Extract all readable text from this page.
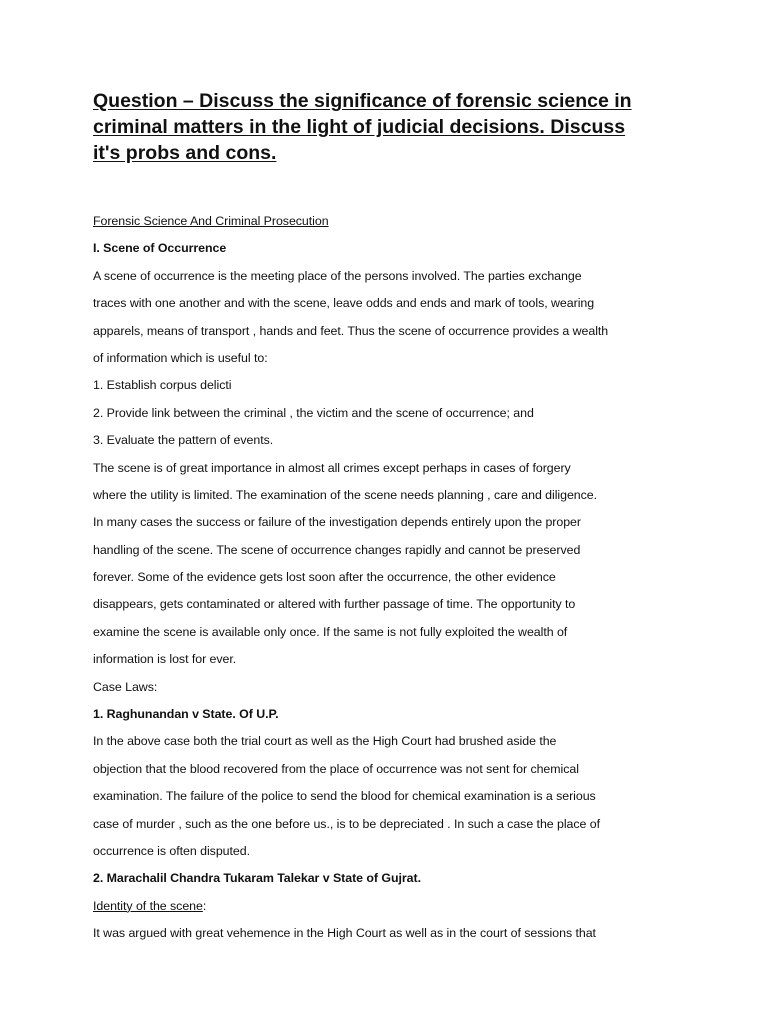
Question – Discuss the significance of forensic science in
criminal matters in the light of judicial decisions. Discuss
it's probs and cons.
Forensic Science And Criminal Prosecution
I. Scene of Occurrence
A scene of occurrence is the meeting place of the persons involved. The parties exchange
traces with one another and with the scene, leave odds and ends and mark of tools, wearing
apparels, means of transport , hands and feet. Thus the scene of occurrence provides a wealth
of information which is useful to:
1. Establish corpus delicti
2. Provide link between the criminal , the victim and the scene of occurrence; and
3. Evaluate the pattern of events.
The scene is of great importance in almost all crimes except perhaps in cases of forgery
where the utility is limited. The examination of the scene needs planning , care and diligence.
In many cases the success or failure of the investigation depends entirely upon the proper
handling of the scene. The scene of occurrence changes rapidly and cannot be preserved
forever. Some of the evidence gets lost soon after the occurrence, the other evidence
disappears, gets contaminated or altered with further passage of time. The opportunity to
examine the scene is available only once. If the same is not fully exploited the wealth of
information is lost for ever.
Case Laws:
1. Raghunandan v State. Of U.P.
In the above case both the trial court as well as the High Court had brushed aside the
objection that the blood recovered from the place of occurrence was not sent for chemical
examination. The failure of the police to send the blood for chemical examination is a serious
case of murder , such as the one before us., is to be depreciated . In such a case the place of
occurrence is often disputed.
2. Marachalil Chandra Tukaram Talekar v State of Gujrat.
Identity of the scene:
It was argued with great vehemence in the High Court as well as in the court of sessions that
